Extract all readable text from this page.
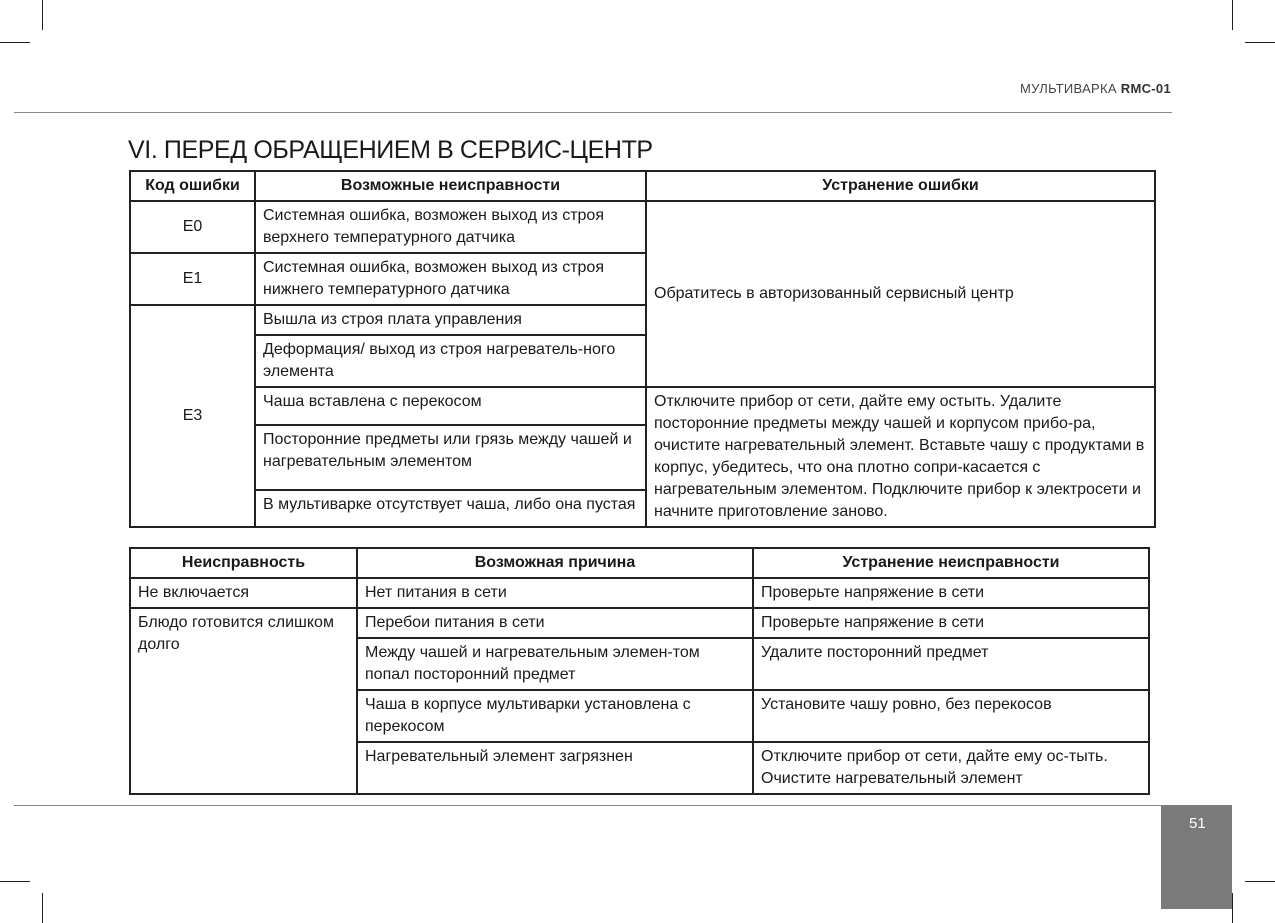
МУЛЬТИВАРКА RMC-01
VI. ПЕРЕД ОБРАЩЕНИЕМ В СЕРВИС-ЦЕНТР
Код ошибки	Возможные неисправности	Устранение ошибки
E0	Системная ошибка, возможен выход из строя верхнего температурного датчика	Обратитесь в авторизованный сервисный центр
E1	Системная ошибка, возможен выход из строя нижнего температурного датчика	
E3	Вышла из строя плата управления	
	Деформация/ выход из строя нагреватель-ного элемента	
	Чаша вставлена с перекосом	Отключите прибор от сети, дайте ему остыть. Удалите посторонние предметы между чашей и корпусом прибо-ра, очистите нагревательный элемент. Вставьте чашу с продуктами в корпус, убедитесь, что она плотно сопри-касается с нагревательным элементом. Подключите прибор к электросети и начните приготовление заново.
	Посторонние предметы или грязь между чашей и нагревательным элементом	
	В мультиварке отсутствует чаша, либо она пустая	
Неисправность	Возможная причина	Устранение неисправности
Не включается	Нет питания в сети	Проверьте напряжение в сети
Блюдо готовится слишком долго	Перебои питания в сети	Проверьте напряжение в сети
	Между чашей и нагревательным элемен-том попал посторонний предмет	Удалите посторонний предмет
	Чаша в корпусе мультиварки установлена с перекосом	Установите чашу ровно, без перекосов
	Нагревательный элемент загрязнен	Отключите прибор от сети, дайте ему ос-тыть. Очистите нагревательный элемент
51
